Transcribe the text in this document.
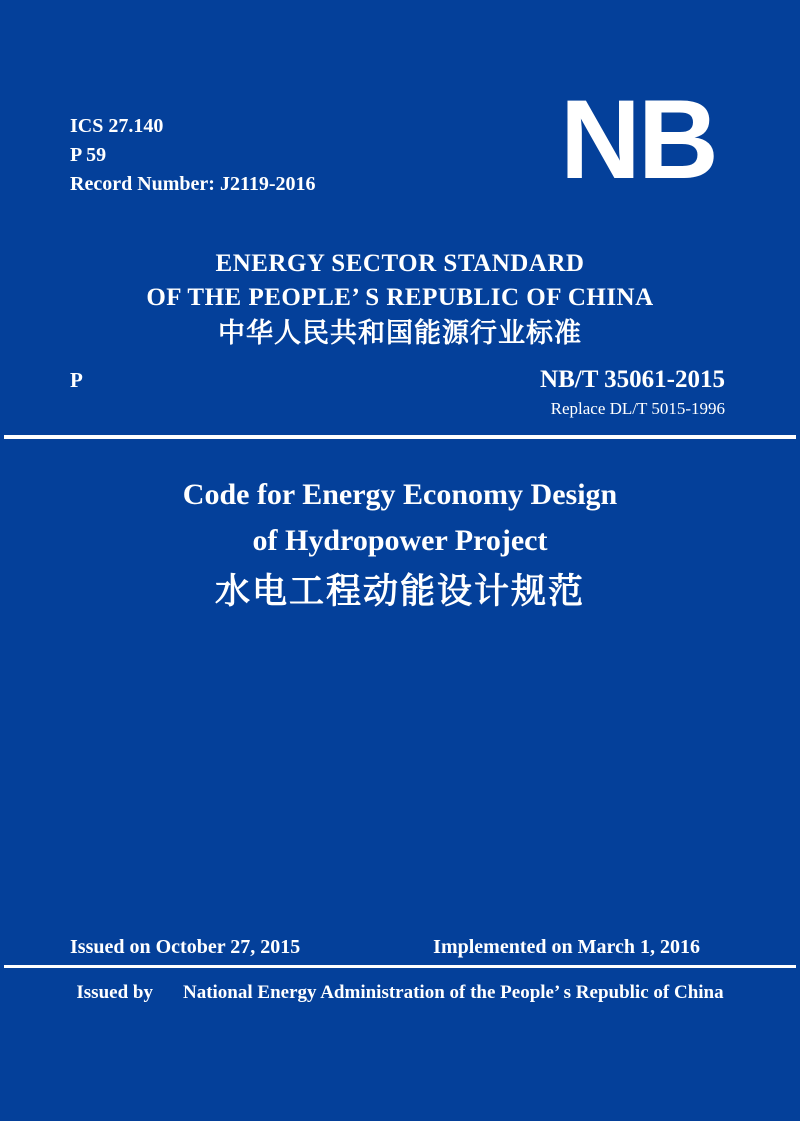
ICS 27.140
P 59
Record Number: J2119-2016 NB
ENERGY SECTOR STANDARD
OF THE PEOPLE’ S REPUBLIC OF CHINA
中华人民共和国能源行业标准
P	NB/T 35061-2015
Replace DL/T 5015-1996
Code for Energy Economy Design
of Hydropower Project
水电工程动能设计规范
Issued on October 27, 2015	Implemented on March 1, 2016
Issued by National Energy Administration of the People’ s Republic of China
